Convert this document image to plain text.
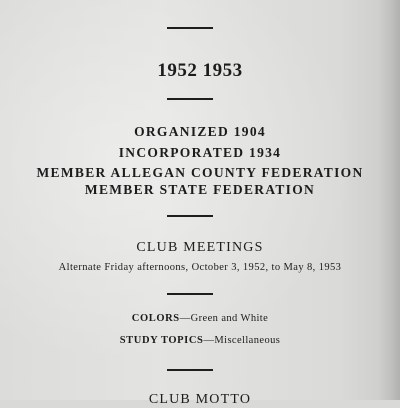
1952 1953
ORGANIZED 1904
INCORPORATED 1934
MEMBER ALLEGAN COUNTY FEDERATION
MEMBER STATE FEDERATION
CLUB MEETINGS
Alternate Friday afternoons, October 3, 1952, to May 8, 1953
COLORS—Green and White
STUDY TOPICS—Miscellaneous
CLUB MOTTO
